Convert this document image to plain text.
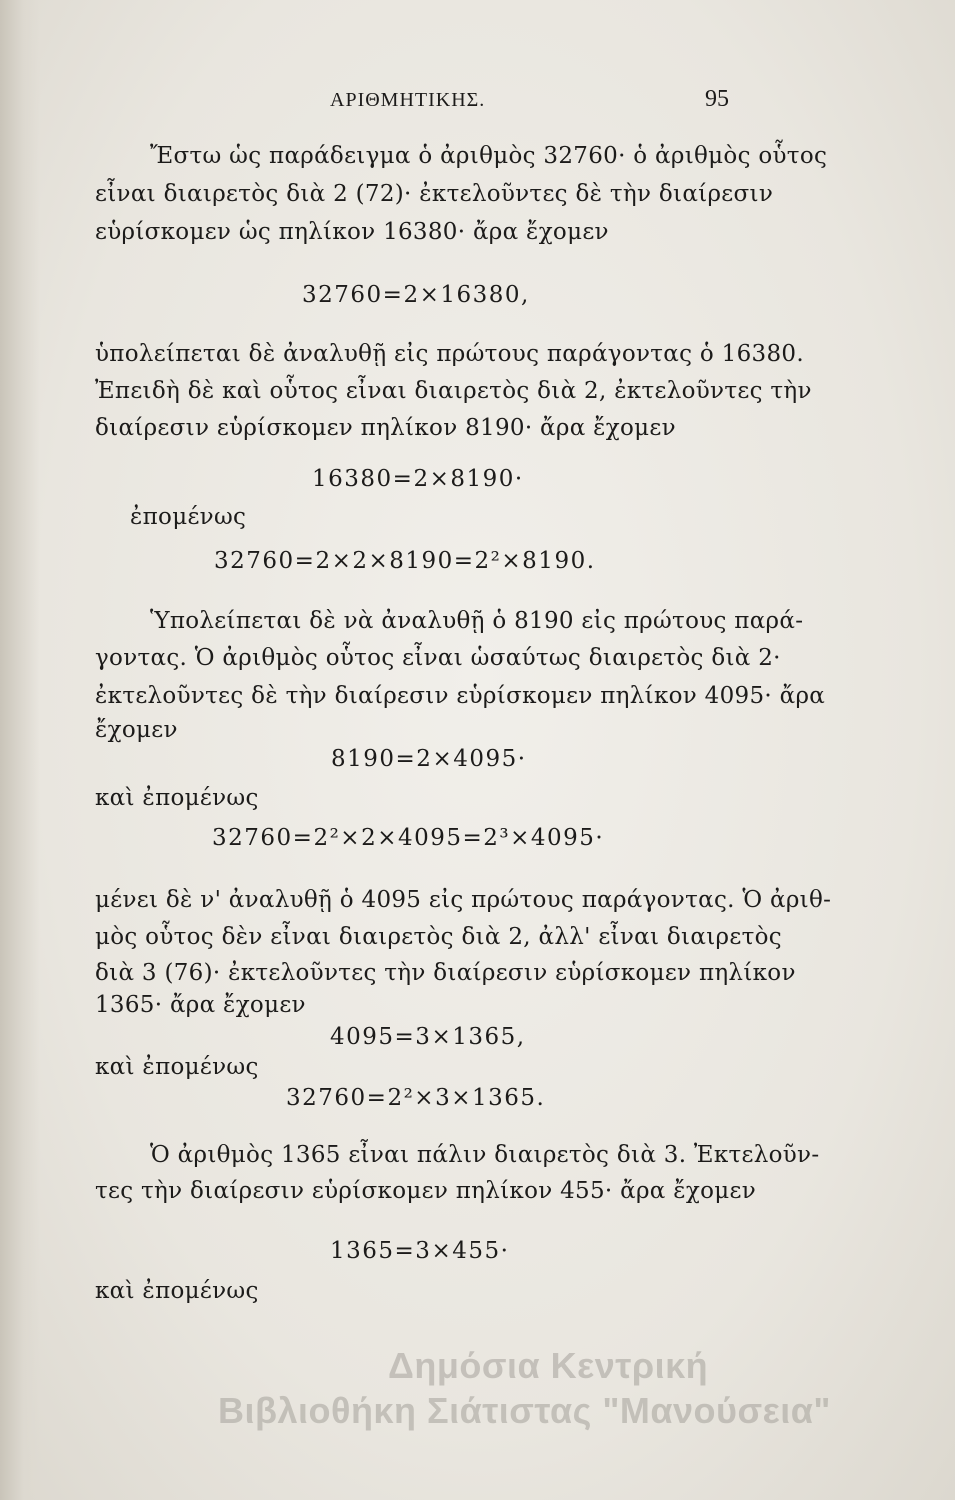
ΑΡΙΘΜΗΤΙΚΗΣ.	95
Ἔστω ὡς παράδειγμα ὁ ἀριθμὸς 32760· ὁ ἀριθμὸς οὗτος
εἶναι διαιρετὸς διὰ 2 (72)· ἐκτελοῦντες δὲ τὴν διαίρεσιν
εὑρίσκομεν ὡς πηλίκον 16380· ἄρα ἔχομεν
32760=2×16380,
ὑπολείπεται δὲ ἀναλυθῇ εἰς πρώτους παράγοντας ὁ 16380.
Ἐπειδὴ δὲ καὶ οὗτος εἶναι διαιρετὸς διὰ 2, ἐκτελοῦντες τὴν
διαίρεσιν εὑρίσκομεν πηλίκον 8190· ἄρα ἔχομεν
16380=2×8190·
ἐπομένως
32760=2×2×8190=2²×8190.
Ὑπολείπεται δὲ νὰ ἀναλυθῇ ὁ 8190 εἰς πρώτους παρά-
γοντας. Ὁ ἀριθμὸς οὗτος εἶναι ὡσαύτως διαιρετὸς διὰ 2·
ἐκτελοῦντες δὲ τὴν διαίρεσιν εὑρίσκομεν πηλίκον 4095· ἄρα
ἔχομεν
8190=2×4095·
καὶ ἐπομένως
32760=2²×2×4095=2³×4095·
μένει δὲ ν' ἀναλυθῇ ὁ 4095 εἰς πρώτους παράγοντας. Ὁ ἀριθ-
μὸς οὗτος δὲν εἶναι διαιρετὸς διὰ 2, ἀλλ' εἶναι διαιρετὸς
διὰ 3 (76)· ἐκτελοῦντες τὴν διαίρεσιν εὑρίσκομεν πηλίκον
1365· ἄρα ἔχομεν
4095=3×1365,
καὶ ἐπομένως
32760=2²×3×1365.
Ὁ ἀριθμὸς 1365 εἶναι πάλιν διαιρετὸς διὰ 3. Ἐκτελοῦν-
τες τὴν διαίρεσιν εὑρίσκομεν πηλίκον 455· ἄρα ἔχομεν
1365=3×455·
καὶ ἐπομένως
Δημόσια Κεντρική
Βιβλιοθήκη Σιάτιστας "Μανούσεια"
